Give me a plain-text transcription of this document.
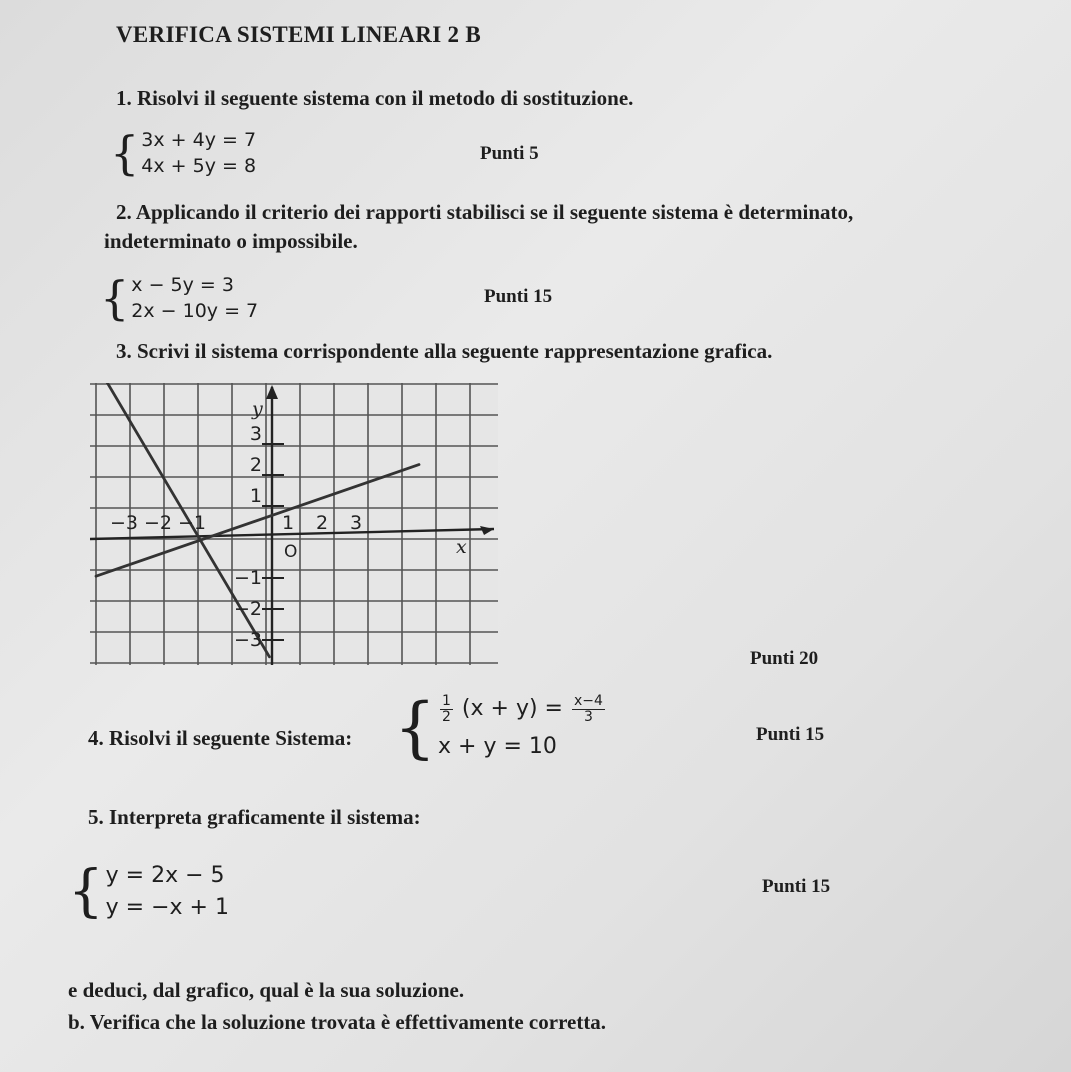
VERIFICA SISTEMI LINEARI 2 B
1. Risolvi il seguente sistema con il metodo di sostituzione.
{ 3x + 4y = 7
4x + 5y = 8
Punti 5
2. Applicando il criterio dei rapporti stabilisci se il seguente sistema è determinato,
indeterminato o impossibile.
{ x − 5y = 3
2x − 10y = 7
Punti 15
3. Scrivi il sistema corrispondente alla seguente rappresentazione grafica.
−3 −2 −1	1 2 3
3
2
1
−1
−2
−3
x
y
O
Punti 20
4. Risolvi il seguente Sistema: { $\frac{1}{2} (x + y) = \frac{x-4}{3}$
x + y = 10	Punti 15
5. Interpreta graficamente il sistema:
{ y = 2x − 5
y = −x + 1
Punti 15
e deduci, dal grafico, qual è la sua soluzione.
b. Verifica che la soluzione trovata è effettivamente corretta.
